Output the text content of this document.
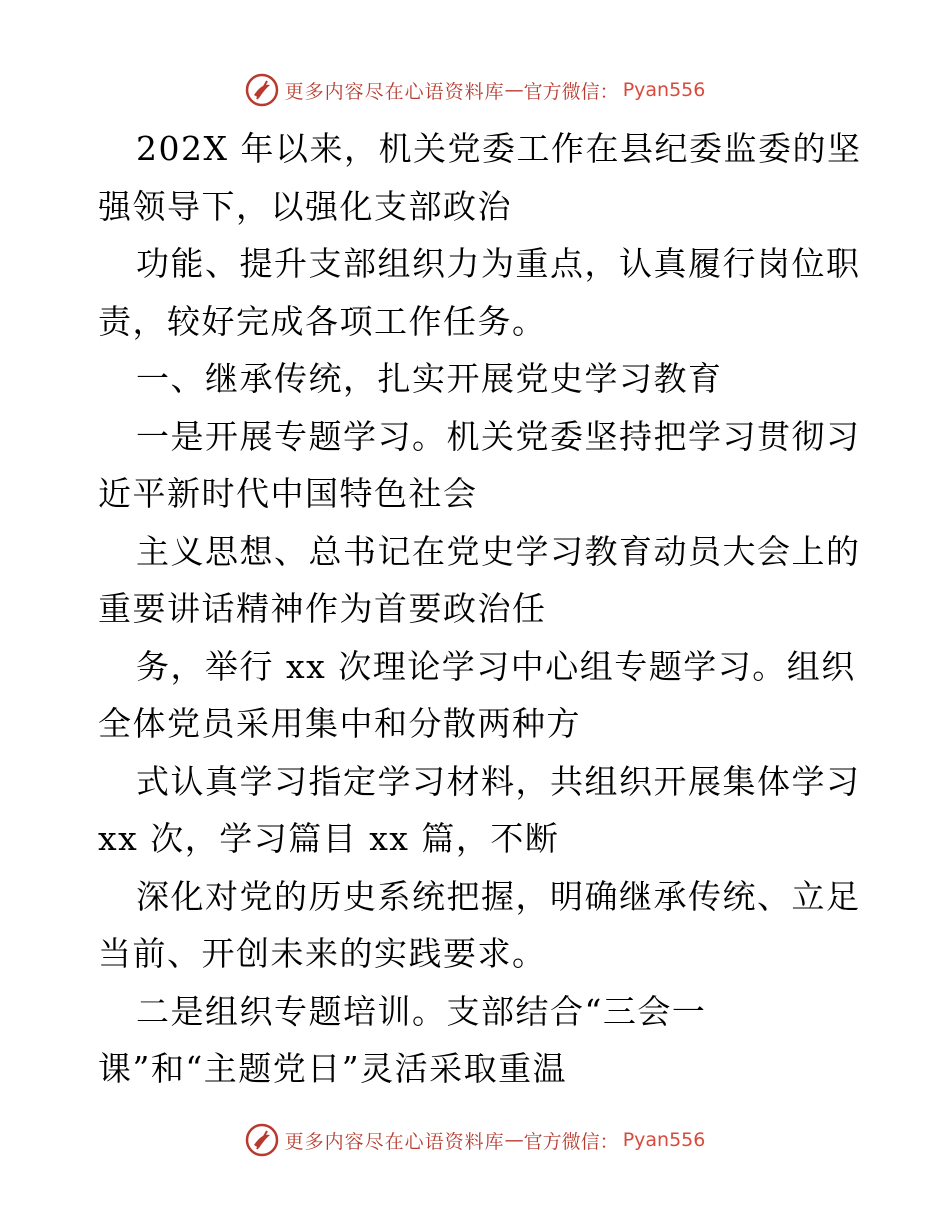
更多内容尽在心语资料库 — 官方微信： Pyan556
202X 年以来，机关党委工作在县纪委监委的坚
强领导下，以强化支部政治
功能、提升支部组织力为重点，认真履行岗位职
责，较好完成各项工作任务。
一、继承传统，扎实开展党史学习教育
一是开展专题学习。机关党委坚持把学习贯彻习
近平新时代中国特色社会
主义思想、总书记在党史学习教育动员大会上的
重要讲话精神作为首要政治任
务，举行 xx 次理论学习中心组专题学习。组织
全体党员采用集中和分散两种方
式认真学习指定学习材料，共组织开展集体学习
xx 次，学习篇目 xx 篇，不断
深化对党的历史系统把握，明确继承传统、立足
当前、开创未来的实践要求。
二是组织专题培训。支部结合“三会一
课”和“主题党日”灵活采取重温
更多内容尽在心语资料库 — 官方微信： Pyan556
